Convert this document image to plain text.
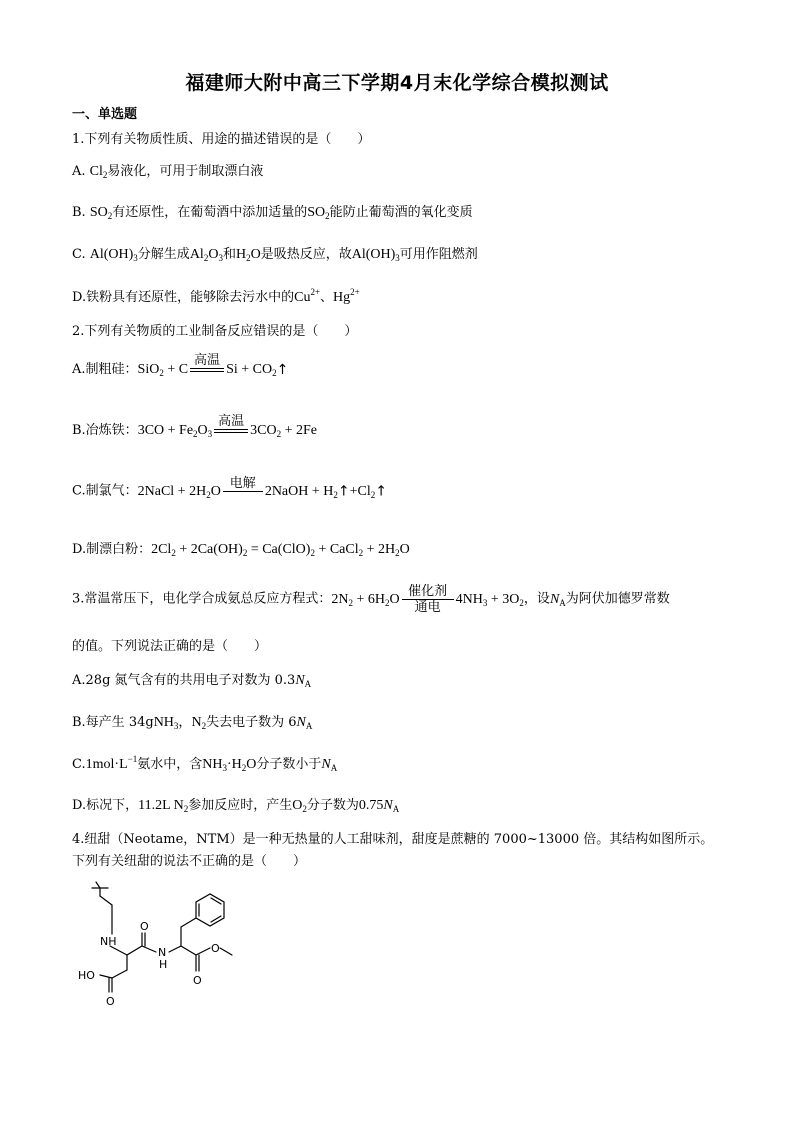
福建师大附中高三下学期4月末化学综合模拟测试
一、单选题
1.下列有关物质性质、用途的描述错误的是（　　）
A. $Cl_2$易液化，可用于制取漂白液
B. $SO_2$有还原性，在葡萄酒中添加适量的$SO_2$能防止葡萄酒的氧化变质
C. $Al(OH)_3$分解生成$Al_2O_3$和$H_2O$是吸热反应，故$Al(OH)_3$可用作阻燃剂
D.铁粉具有还原性，能够除去污水中的$Cu^{2+}$、$Hg^{2+}$
2.下列有关物质的工业制备反应错误的是（　　）
A.制粗硅：SiO$_2$ + C
高温

$Si + CO_2↑$
B.冶炼铁：$3CO + Fe_2O_3$
高温

$3CO_2 + 2Fe$
C.制氯气：2NaCl + $2H_2O$ 电解
2NaOH + $H_2↑+Cl_2↑$
D.制漂白粉：$2Cl_2 + 2Ca(OH)_2 = Ca(ClO)_2$ + CaCl$_2$ + $2H_2O$
3.常温常压下，电化学合成氨总反应方程式：$2N_2 + 6H_2O$ 催化剂
通电
$4NH_3 + 3O_2$，设$N_A$为阿伏加德罗常数
的值。下列说法正确的是（　　）
A.28g 氮气含有的共用电子对数为 $0.3N_A$
B.每产生 34gNH$_3$，$N_2$失去电子数为 $6N_A$
$C.1mol\cdot L^{-1}$氨水中，含$NH_3\cdot H_2O$分子数小于$N_A$
D.标况下，11.2L $N_2$参加反应时，产生$O_2$分子数为$0.75N_A$
4.纽甜（Neotame，NTM）是一种无热量的人工甜味剂，甜度是蔗糖的 7000~13000 倍。其结构如图所示。
下列有关纽甜的说法不正确的是（　　）
NH
O
N
H
HO
O
O
O
